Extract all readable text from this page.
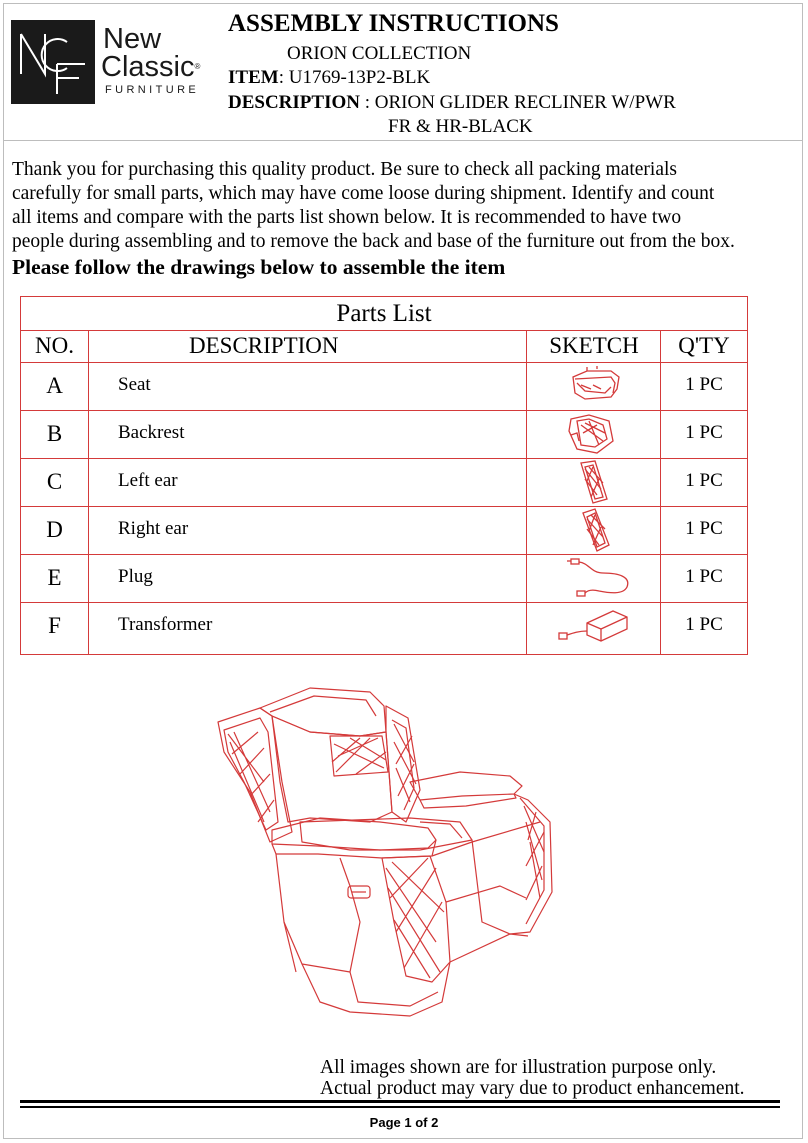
New
Classic®
FURNITURE
ASSEMBLY INSTRUCTIONS
ORION COLLECTION
ITEM: U1769-13P2-BLK
DESCRIPTION : ORION GLIDER RECLINER W/PWR
FR & HR-BLACK
Thank you for purchasing this quality product. Be sure to check all packing materials
carefully for small parts, which may have come loose during shipment. Identify and count
all items and compare with the parts list shown below. It is recommended to have two
people during assembling and to remove the back and base of the furniture out from the box.
Please follow the drawings below to assemble the item
Parts List
NO.	DESCRIPTION	SKETCH	Q'TY
A	Seat	1 PC
B	Backrest	1 PC
C	Left ear	1 PC
D	Right ear	1 PC
E	Plug	1 PC
F	Transformer	1 PC
All images shown are for illustration purpose only.
Actual product may vary due to product enhancement.
Page 1 of 2
